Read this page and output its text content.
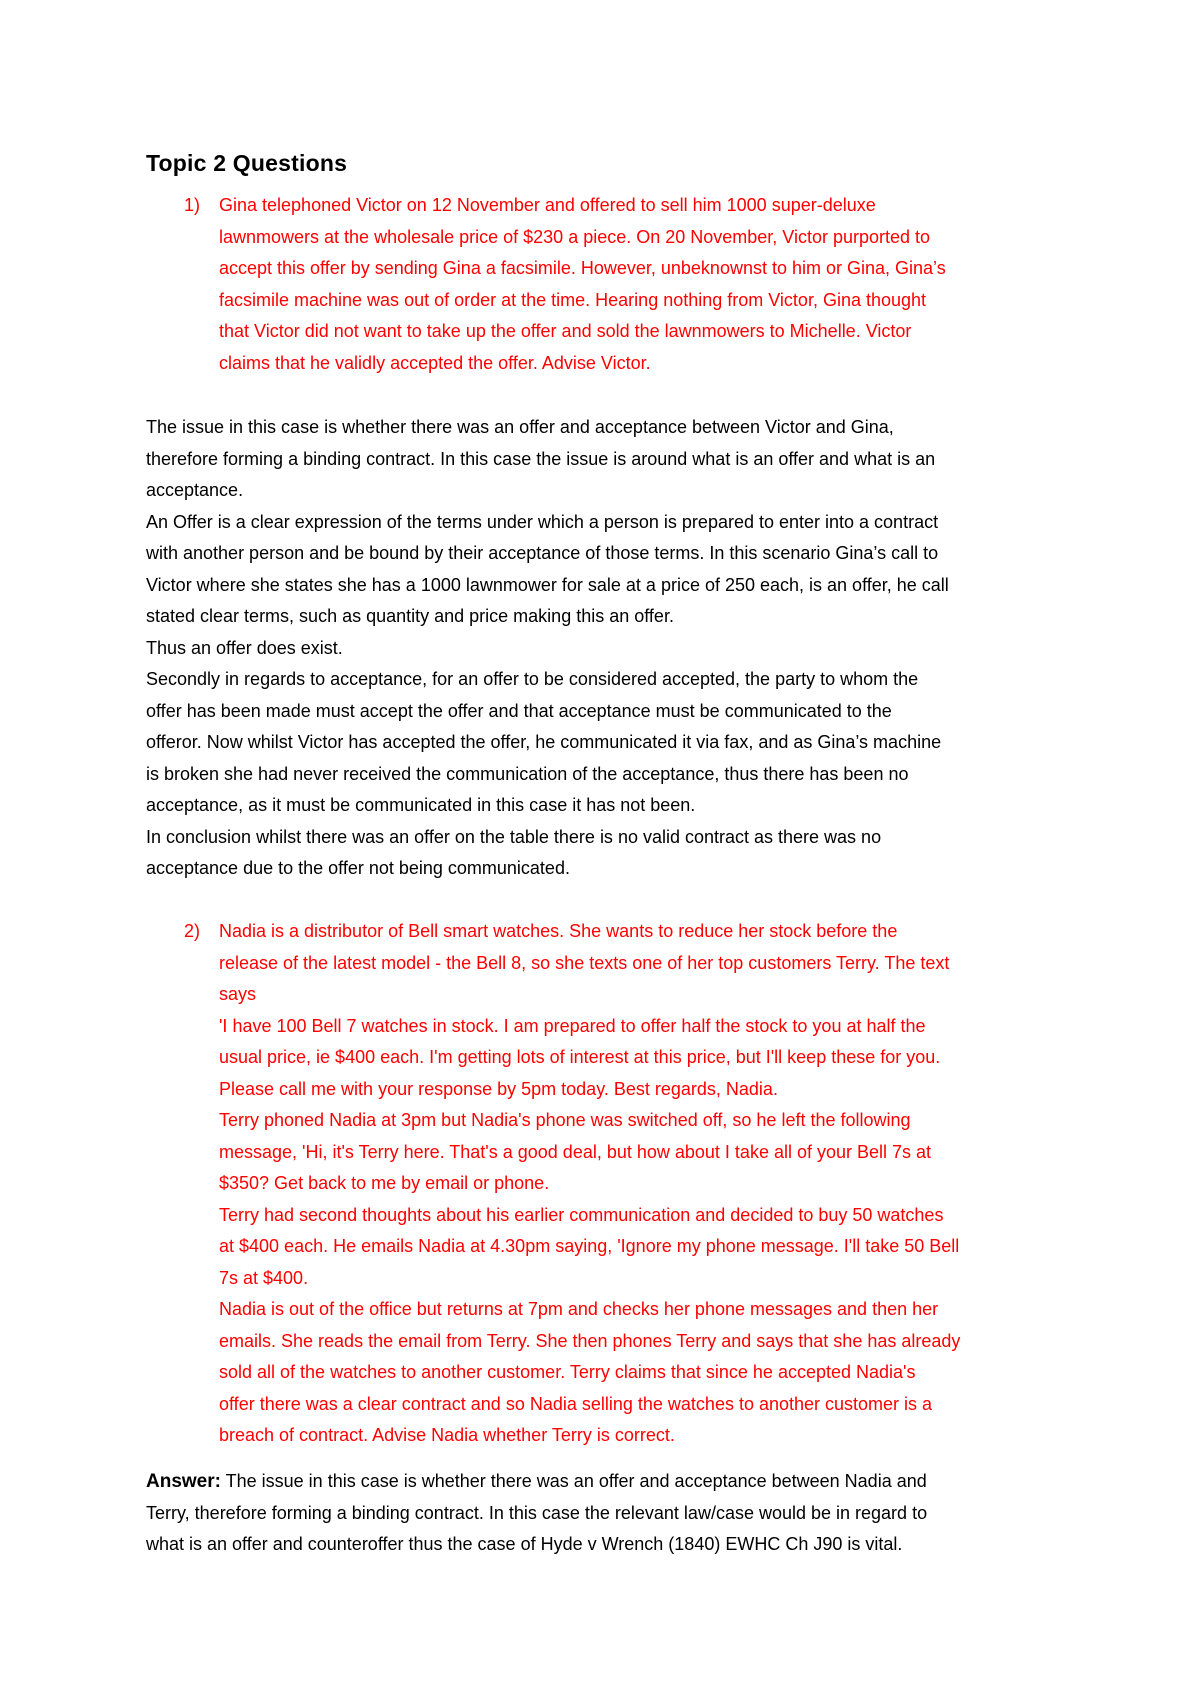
Topic 2 Questions
1) Gina telephoned Victor on 12 November and offered to sell him 1000 super-deluxe
lawnmowers at the wholesale price of $230 a piece. On 20 November, Victor purported to
accept this offer by sending Gina a facsimile. However, unbeknownst to him or Gina, Gina’s
facsimile machine was out of order at the time. Hearing nothing from Victor, Gina thought
that Victor did not want to take up the offer and sold the lawnmowers to Michelle. Victor
claims that he validly accepted the offer. Advise Victor.
The issue in this case is whether there was an offer and acceptance between Victor and Gina,
therefore forming a binding contract. In this case the issue is around what is an offer and what is an
acceptance.
An Offer is a clear expression of the terms under which a person is prepared to enter into a contract
with another person and be bound by their acceptance of those terms. In this scenario Gina’s call to
Victor where she states she has a 1000 lawnmower for sale at a price of 250 each, is an offer, he call
stated clear terms, such as quantity and price making this an offer.
Thus an offer does exist.
Secondly in regards to acceptance, for an offer to be considered accepted, the party to whom the
offer has been made must accept the offer and that acceptance must be communicated to the
offeror. Now whilst Victor has accepted the offer, he communicated it via fax, and as Gina’s machine
is broken she had never received the communication of the acceptance, thus there has been no
acceptance, as it must be communicated in this case it has not been.
In conclusion whilst there was an offer on the table there is no valid contract as there was no
acceptance due to the offer not being communicated.
2) Nadia is a distributor of Bell smart watches. She wants to reduce her stock before the
release of the latest model - the Bell 8, so she texts one of her top customers Terry. The text
says
'I have 100 Bell 7 watches in stock. I am prepared to offer half the stock to you at half the
usual price, ie $400 each. I'm getting lots of interest at this price, but I'll keep these for you.
Please call me with your response by 5pm today. Best regards, Nadia.
Terry phoned Nadia at 3pm but Nadia's phone was switched off, so he left the following
message, 'Hi, it's Terry here. That's a good deal, but how about I take all of your Bell 7s at
$350? Get back to me by email or phone.
Terry had second thoughts about his earlier communication and decided to buy 50 watches
at $400 each. He emails Nadia at 4.30pm saying, 'Ignore my phone message. I'll take 50 Bell
7s at $400.
Nadia is out of the office but returns at 7pm and checks her phone messages and then her
emails. She reads the email from Terry. She then phones Terry and says that she has already
sold all of the watches to another customer. Terry claims that since he accepted Nadia's
offer there was a clear contract and so Nadia selling the watches to another customer is a
breach of contract. Advise Nadia whether Terry is correct.
Answer: The issue in this case is whether there was an offer and acceptance between Nadia and
Terry, therefore forming a binding contract. In this case the relevant law/case would be in regard to
what is an offer and counteroffer thus the case of Hyde v Wrench (1840) EWHC Ch J90 is vital.
